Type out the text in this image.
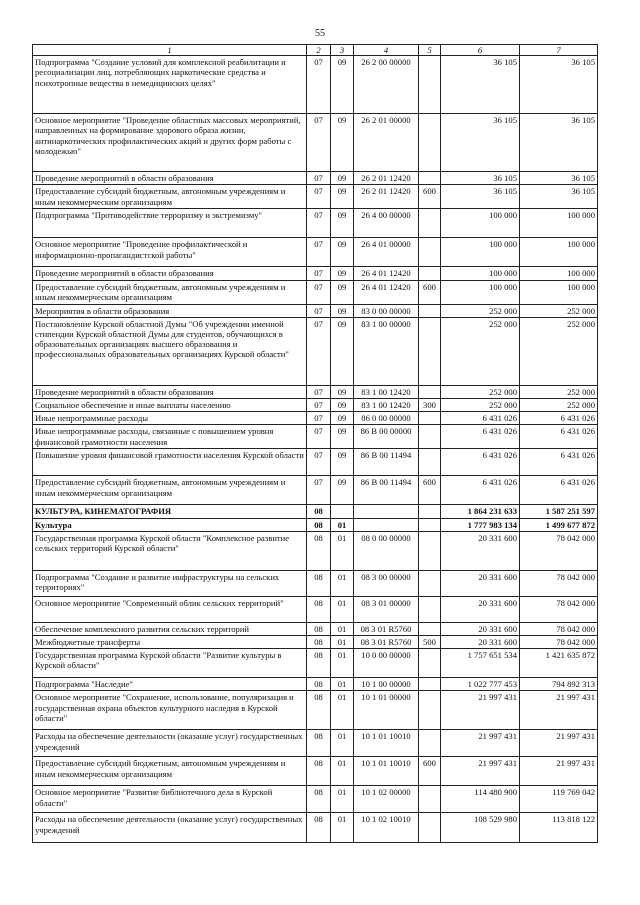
55
1	2	3	4	5	6	7
Подпрограмма "Создание условий для комплексной реабилитации и ресоциализации лиц, потребляющих наркотические средства и психотропные вещества в немедицинских целях"	07	09	26 2 00 00000		36 105	36 105
Основное мероприятие "Проведение областных массовых мероприятий, направленных на формирование здорового образа жизни, антинаркотических профилактических акций и других форм работы с молодежью"	07	09	26 2 01 00000		36 105	36 105
Проведение мероприятий в области образования	07	09	26 2 01 12420		36 105	36 105
Предоставление субсидий бюджетным, автономным учреждениям и иным некоммерческим организациям	07	09	26 2 01 12420	600	36 105	36 105
Подпрограмма "Противодействие терроризму и экстремизму"	07	09	26 4 00 00000		100 000	100 000
Основное мероприятие "Проведение профилактической и информационно-пропагандистской работы"	07	09	26 4 01 00000		100 000	100 000
Проведение мероприятий в области образования	07	09	26 4 01 12420		100 000	100 000
Предоставление субсидий бюджетным, автономным учреждениям и иным некоммерческим организациям	07	09	26 4 01 12420	600	100 000	100 000
Мероприятия в области образования	07	09	83 0 00 00000		252 000	252 000
Постановление Курской областной Думы "Об учреждении именной стипендии Курской областной Думы для студентов, обучающихся в образовательных организациях высшего образования и профессиональных образовательных организациях Курской области"	07	09	83 1 00 00000		252 000	252 000
Проведение мероприятий в области образования	07	09	83 1 00 12420		252 000	252 000
Социальное обеспечение и иные выплаты населению	07	09	83 1 00 12420	300	252 000	252 000
Иные непрограммные расходы	07	09	86 0 00 00000		6 431 026	6 431 026
Иные непрограммные расходы, связанные с повышением уровня финансовой грамотности населения	07	09	86 В 00 00000		6 431 026	6 431 026
Повышение уровня финансовой грамотности населения Курской области	07	09	86 В 00 11494		6 431 026	6 431 026
Предоставление субсидий бюджетным, автономным учреждениям и иным некоммерческим организациям	07	09	86 В 00 11494	600	6 431 026	6 431 026
КУЛЬТУРА, КИНЕМАТОГРАФИЯ	08				1 864 231 633	1 587 251 597
Культура	08	01			1 777 983 134	1 499 677 872
Государственная программа Курской области "Комплексное развитие сельских территорий Курской области"	08	01	08 0 00 00000		20 331 600	78 042 000
Подпрограмма "Создание и развитие инфраструктуры на сельских территориях"	08	01	08 3 00 00000		20 331 600	78 042 000
Основное мероприятие "Современный облик сельских территорий"	08	01	08 3 01 00000		20 331 600	78 042 000
Обеспечение комплексного развития сельских территорий	08	01	08 3 01 R5760		20 331 600	78 042 000
Межбюджетные трансферты	08	01	08 3 01 R5760	500	20 331 600	78 042 000
Государственная программа Курской области "Развитие культуры в Курской области"	08	01	10 0 00 00000		1 757 651 534	1 421 635 872
Подпрограмма "Наследие"	08	01	10 1 00 00000		1 022 777 453	794 892 313
Основное мероприятие "Сохранение, использование, популяризация и государственная охрана объектов культурного наследия в Курской области"	08	01	10 1 01 00000		21 997 431	21 997 431
Расходы на обеспечение деятельности (оказание услуг) государственных учреждений	08	01	10 1 01 10010		21 997 431	21 997 431
Предоставление субсидий бюджетным, автономным учреждениям и иным некоммерческим организациям	08	01	10 1 01 10010	600	21 997 431	21 997 431
Основное мероприятие "Развитие библиотечного дела в Курской области"	08	01	10 1 02 00000		114 480 900	119 769 042
Расходы на обеспечение деятельности (оказание услуг) государственных учреждений	08	01	10 1 02 10010		108 529 980	113 818 122
